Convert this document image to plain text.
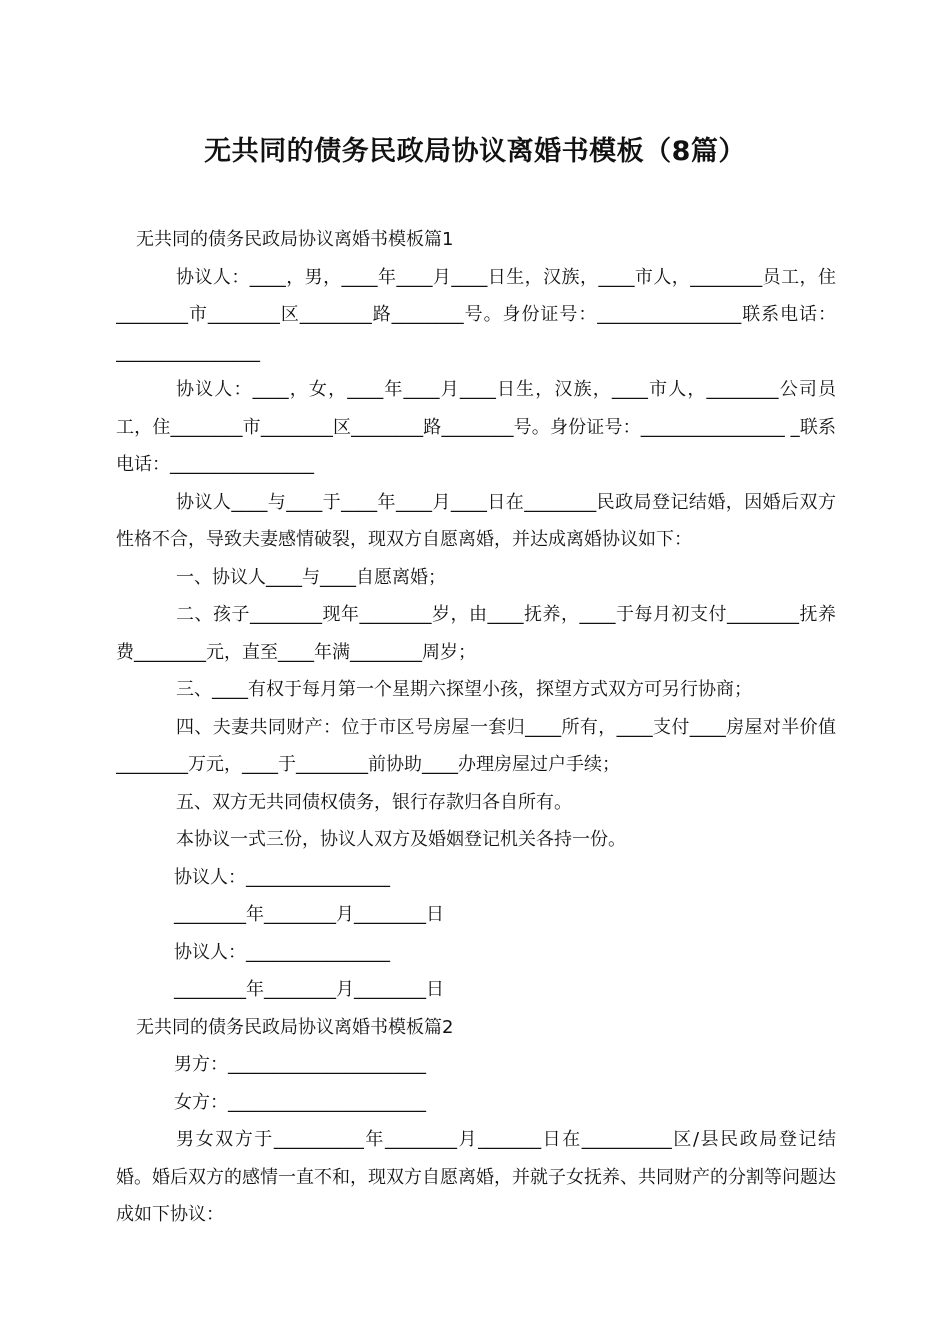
无共同的债务民政局协议离婚书模板（8篇）

无共同的债务民政局协议离婚书模板篇1

协议人：____，男，____年____月____日生，汉族，____市人，________员工，住________市________区________路________号。身份证号：________________联系电话：________________

协议人：____，女，____年____月____日生，汉族，____市人，________公司员工，住________市________区________路________号。身份证号：________________ _联系电话：________________

协议人____与____于____年____月____日在________民政局登记结婚，因婚后双方性格不合，导致夫妻感情破裂，现双方自愿离婚，并达成离婚协议如下：

一、协议人____与____自愿离婚；

二、孩子________现年________岁，由____抚养，____于每月初支付________抚养费________元，直至____年满________周岁；

三、____有权于每月第一个星期六探望小孩，探望方式双方可另行协商；

四、夫妻共同财产：位于市区号房屋一套归____所有，____支付____房屋对半价值________万元，____于________前协助____办理房屋过户手续；

五、双方无共同债权债务，银行存款归各自所有。

本协议一式三份，协议人双方及婚姻登记机关各持一份。

协议人：________________

________年________月________日

协议人：________________

________年________月________日

无共同的债务民政局协议离婚书模板篇2

男方：______________________

女方：______________________

男女双方于__________年________月_______日在__________区/县民政局登记结婚。婚后双方的感情一直不和，现双方自愿离婚，并就子女抚养、共同财产的分割等问题达成如下协议：
